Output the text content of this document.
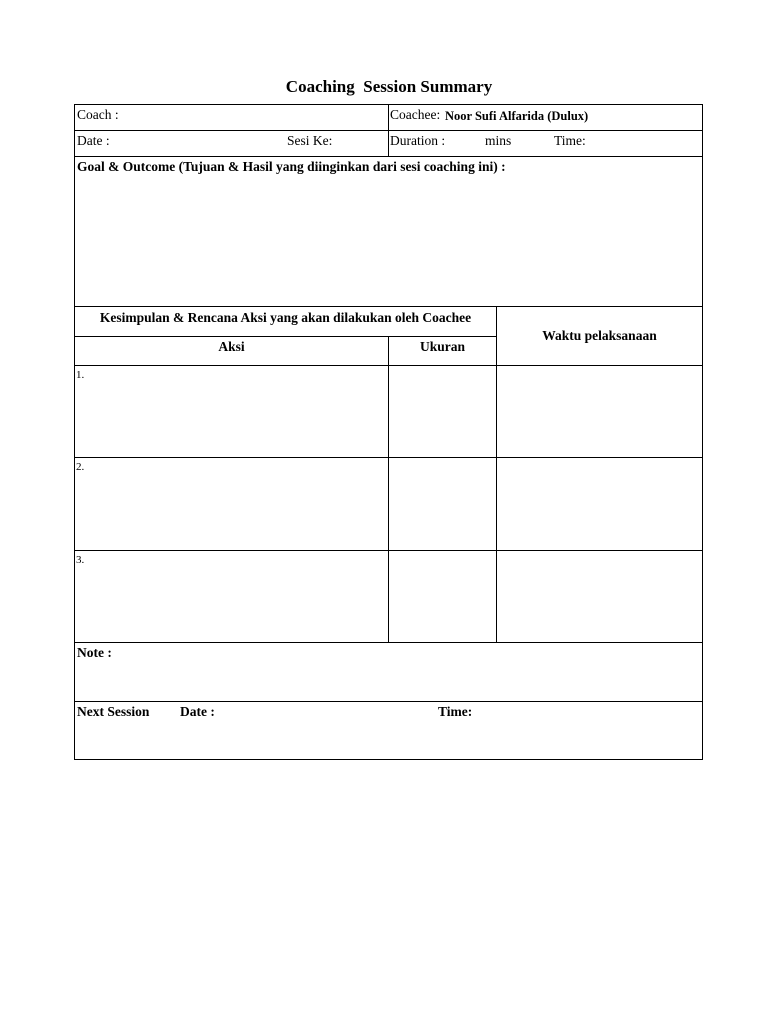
Coaching  Session Summary
Coach :	Coachee: Noor Sufi Alfarida (Dulux)
Date :	Sesi Ke:	Duration :	mins	Time:
Goal & Outcome (Tujuan & Hasil yang diinginkan dari sesi coaching ini) :
Kesimpulan & Rencana Aksi yang akan dilakukan oleh Coachee
Aksi	Ukuran
Waktu pelaksanaan
1.
2.
3.
Note :
Next Session Date :	Time:
